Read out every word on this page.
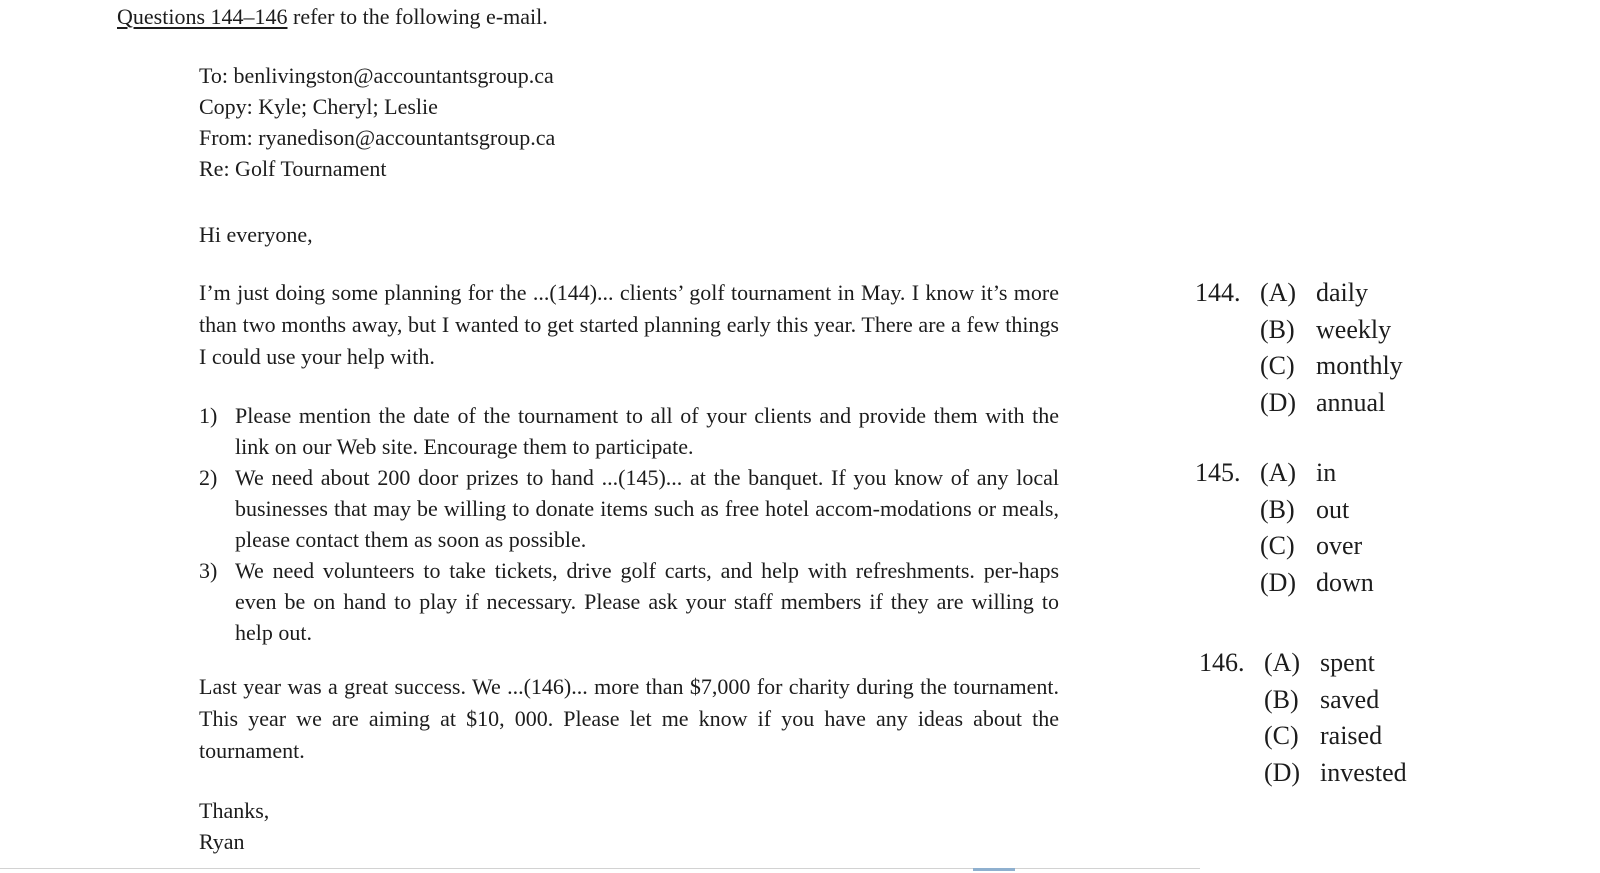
Questions 144–146 refer to the following e-mail.
To: benlivingston@accountantsgroup.ca
Copy: Kyle; Cheryl; Leslie
From: ryanedison@accountantsgroup.ca
Re: Golf Tournament
Hi everyone,
I’m just doing some planning for the ...(144)... clients’ golf tournament in May. I know it’s more than two months away, but I wanted to get started planning early this year. There are a few things I could use your help with.
1) Please mention the date of the tournament to all of your clients and provide them with the link on our Web site. Encourage them to participate.
2) We need about 200 door prizes to hand ...(145)... at the banquet. If you know of any local businesses that may be willing to donate items such as free hotel accom-modations or meals, please contact them as soon as possible.
3) We need volunteers to take tickets, drive golf carts, and help with refreshments. per-haps even be on hand to play if necessary. Please ask your staff members if they are willing to help out.
Last year was a great success. We ...(146)... more than $7,000 for charity during the tournament. This year we are aiming at $10, 000. Please let me know if you have any ideas about the tournament.
Thanks,
Ryan
144. (A) daily
(B) weekly
(C) monthly
(D) annual
145. (A) in
(B) out
(C) over
(D) down
146. (A) spent
(B) saved
(C) raised
(D) invested
